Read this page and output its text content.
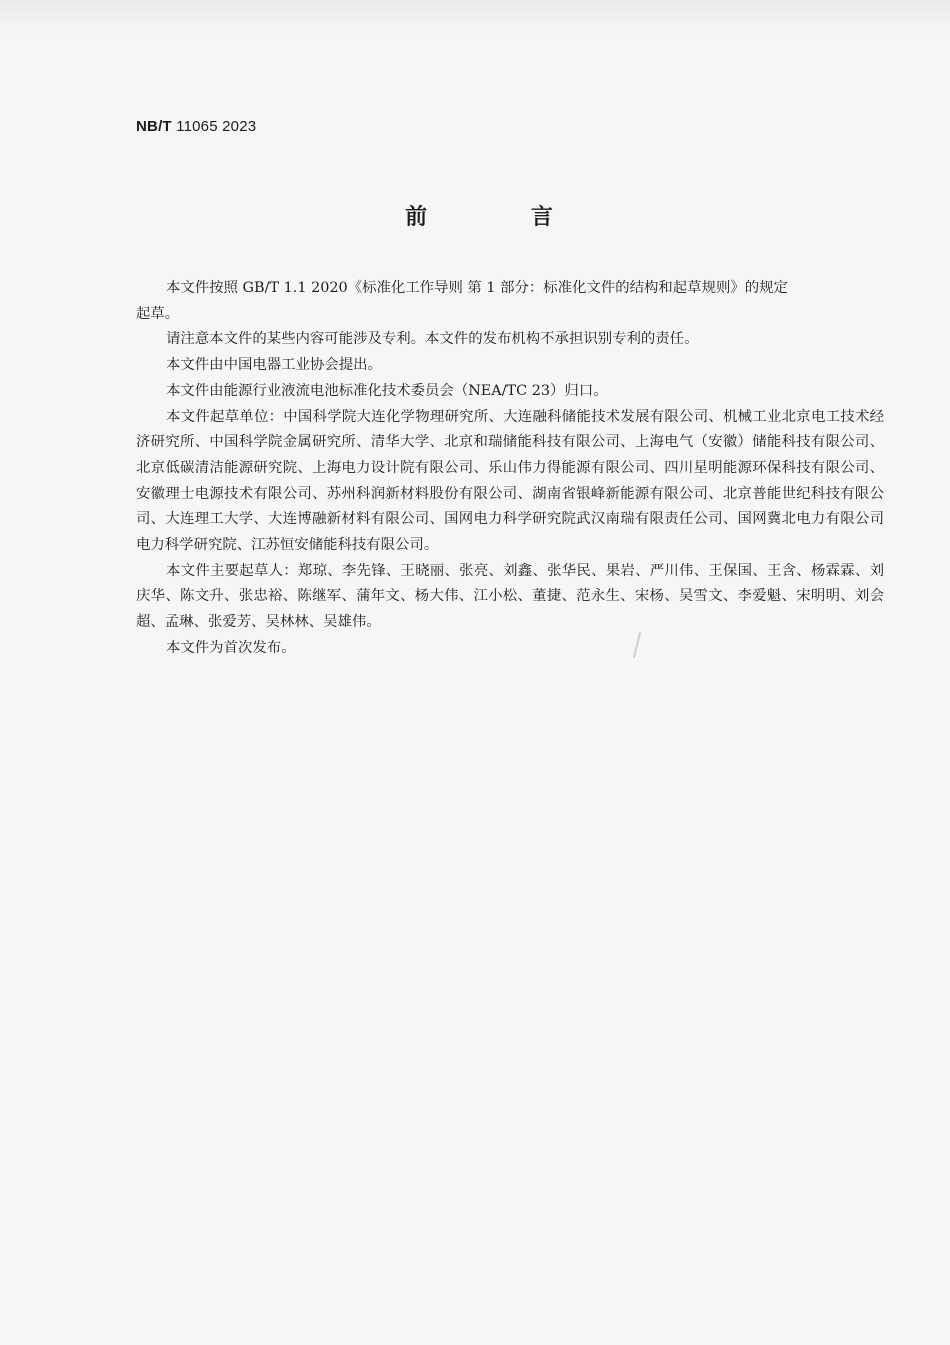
NB/T 11065 2023
前 言

本文件按照 GB/T 1.1 2020《标准化工作导则 第 1 部分：标准化文件的结构和起草规则》的规定

起草。

请注意本文件的某些内容可能涉及专利。本文件的发布机构不承担识别专利的责任。

本文件由中国电器工业协会提出。

本文件由能源行业液流电池标准化技术委员会（NEA/TC 23）归口。

本文件起草单位：中国科学院大连化学物理研究所、大连融科储能技术发展有限公司、机械工业北京电工技术经济研究所、中国科学院金属研究所、清华大学、北京和瑞储能科技有限公司、上海电气（安徽）储能科技有限公司、北京低碳清洁能源研究院、上海电力设计院有限公司、乐山伟力得能源有限公司、四川星明能源环保科技有限公司、安徽理士电源技术有限公司、苏州科润新材料股份有限公司、湖南省银峰新能源有限公司、北京普能世纪科技有限公司、大连理工大学、大连博融新材料有限公司、国网电力科学研究院武汉南瑞有限责任公司、国网冀北电力有限公司电力科学研究院、江苏恒安储能科技有限公司。

本文件主要起草人：郑琼、李先锋、王晓丽、张亮、刘鑫、张华民、果岩、严川伟、王保国、王含、杨霖霖、刘庆华、陈文升、张忠裕、陈继军、蒲年文、杨大伟、江小松、董捷、范永生、宋杨、吴雪文、李爱魁、宋明明、刘会超、孟琳、张爱芳、吴林林、吴雄伟。

本文件为首次发布。
